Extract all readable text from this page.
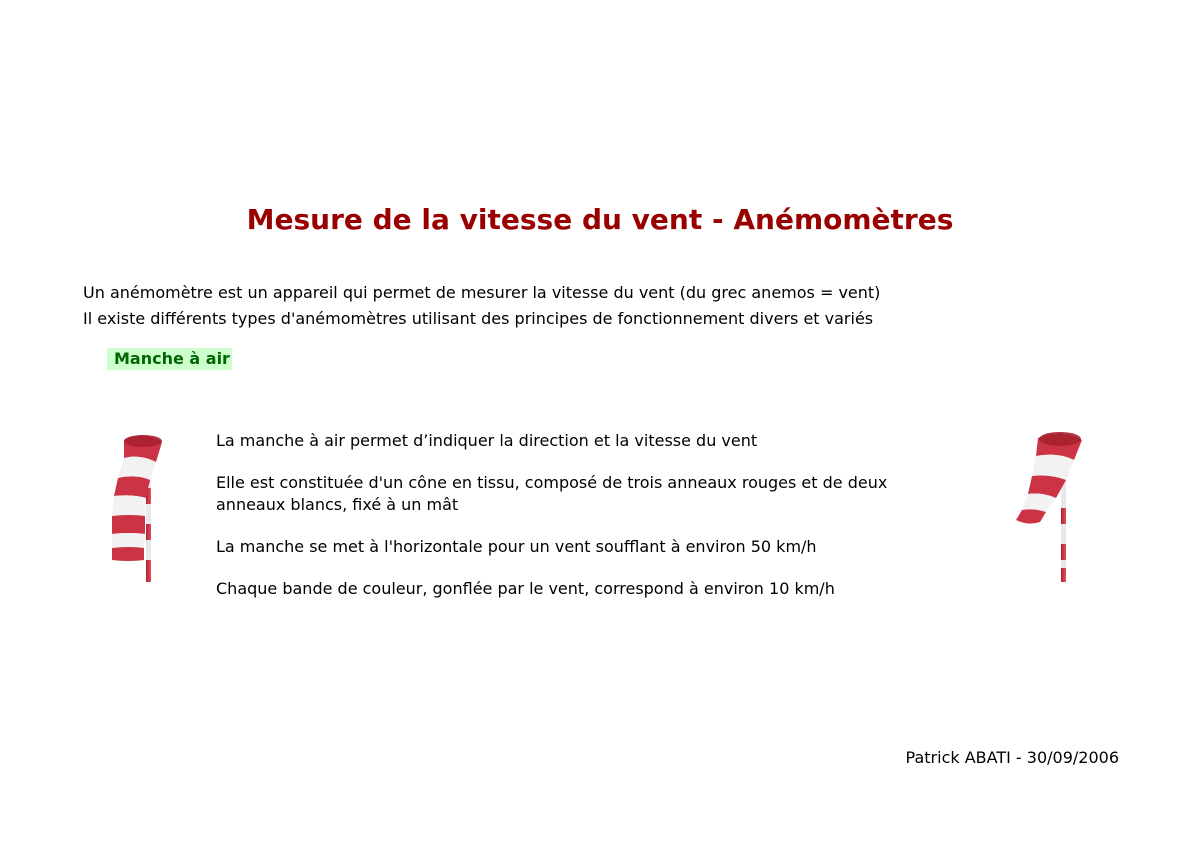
Mesure de la vitesse du vent - Anémomètres

Un anémomètre est un appareil qui permet de mesurer la vitesse du vent (du grec anemos = vent)

Il existe différents types d'anémomètres utilisant des principes de fonctionnement divers et variés

Manche à air

La manche à air permet d’indiquer la direction et la vitesse du vent

Elle est constituée d'un cône en tissu, composé de trois anneaux rouges et de deux anneaux blancs, fixé à un mât

La manche se met à l'horizontale pour un vent soufflant à environ 50 km/h

Chaque bande de couleur, gonflée par le vent, correspond à environ 10 km/h

Patrick ABATI - 30/09/2006
